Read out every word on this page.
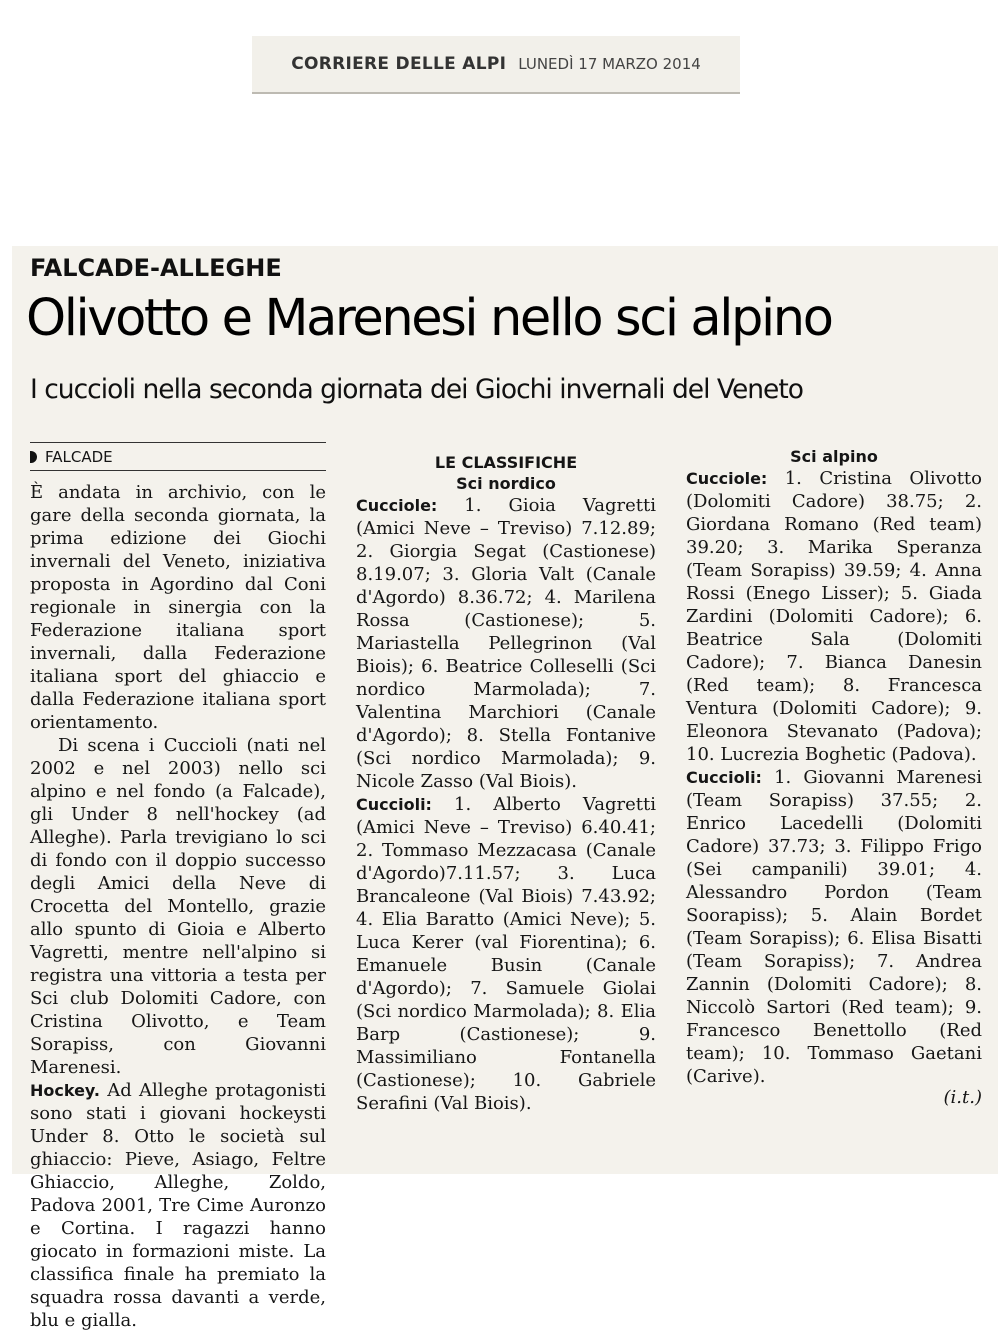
CORRIERE DELLE ALPI LUNEDÌ 17 MARZO 2014
FALCADE-ALLEGHE
Olivotto e Marenesi nello sci alpino
I cuccioli nella seconda giornata dei Giochi invernali del Veneto
FALCADE

È andata in archivio, con le gare della seconda giornata, la prima edizione dei Giochi invernali del Veneto, iniziativa proposta in Agordino dal Coni regionale in sinergia con la Federazione italiana sport invernali, dalla Federazione italiana sport del ghiaccio e dalla Federazione italiana sport orientamento.

Di scena i Cuccioli (nati nel 2002 e nel 2003) nello sci alpino e nel fondo (a Falcade), gli Under 8 nell'hockey (ad Alleghe). Parla trevigiano lo sci di fondo con il doppio successo degli Amici della Neve di Crocetta del Montello, grazie allo spunto di Gioia e Alberto Vagretti, mentre nell'alpino si registra una vittoria a testa per Sci club Dolomiti Cadore, con Cristina Olivotto, e Team Sorapiss, con Giovanni Marenesi.

Hockey. Ad Alleghe protagonisti sono stati i giovani hockeysti Under 8. Otto le società sul ghiaccio: Pieve, Asiago, Feltre Ghiaccio, Alleghe, Zoldo, Padova 2001, Tre Cime Auronzo e Cortina. I ragazzi hanno giocato in formazioni miste. La classifica finale ha premiato la squadra rossa davanti a verde, blu e gialla.

LE CLASSIFICHE
Sci nordico

Cucciole: 1. Gioia Vagretti (Amici Neve – Treviso) 7.12.89; 2. Giorgia Segat (Castionese) 8.19.07; 3. Gloria Valt (Canale d'Agordo) 8.36.72; 4. Marilena Rossa (Castionese); 5. Mariastella Pellegrinon (Val Biois); 6. Beatrice Colleselli (Sci nordico Marmolada); 7. Valentina Marchiori (Canale d'Agordo); 8. Stella Fontanive (Sci nordico Marmolada); 9. Nicole Zasso (Val Biois).

Cuccioli: 1. Alberto Vagretti (Amici Neve – Treviso) 6.40.41; 2. Tommaso Mezzacasa (Canale d'Agordo)7.11.57; 3. Luca Brancaleone (Val Biois) 7.43.92; 4. Elia Baratto (Amici Neve); 5. Luca Kerer (val Fiorentina); 6. Emanuele Busin (Canale d'Agordo); 7. Samuele Giolai (Sci nordico Marmolada); 8. Elia Barp (Castionese); 9. Massimiliano Fontanella (Castionese); 10. Gabriele Serafini (Val Biois).

Sci alpino

Cucciole: 1. Cristina Olivotto (Dolomiti Cadore) 38.75; 2. Giordana Romano (Red team) 39.20; 3. Marika Speranza (Team Sorapiss) 39.59; 4. Anna Rossi (Enego Lisser); 5. Giada Zardini (Dolomiti Cadore); 6. Beatrice Sala (Dolomiti Cadore); 7. Bianca Danesin (Red team); 8. Francesca Ventura (Dolomiti Cadore); 9. Eleonora Stevanato (Padova); 10. Lucrezia Boghetic (Padova).

Cuccioli: 1. Giovanni Marenesi (Team Sorapiss) 37.55; 2. Enrico Lacedelli (Dolomiti Cadore) 37.73; 3. Filippo Frigo (Sei campanili) 39.01; 4. Alessandro Pordon (Team Soorapiss); 5. Alain Bordet (Team Sorapiss); 6. Elisa Bisatti (Team Sorapiss); 7. Andrea Zannin (Dolomiti Cadore); 8. Niccolò Sartori (Red team); 9. Francesco Benettollo (Red team); 10. Tommaso Gaetani (Carive).

(i.t.)
